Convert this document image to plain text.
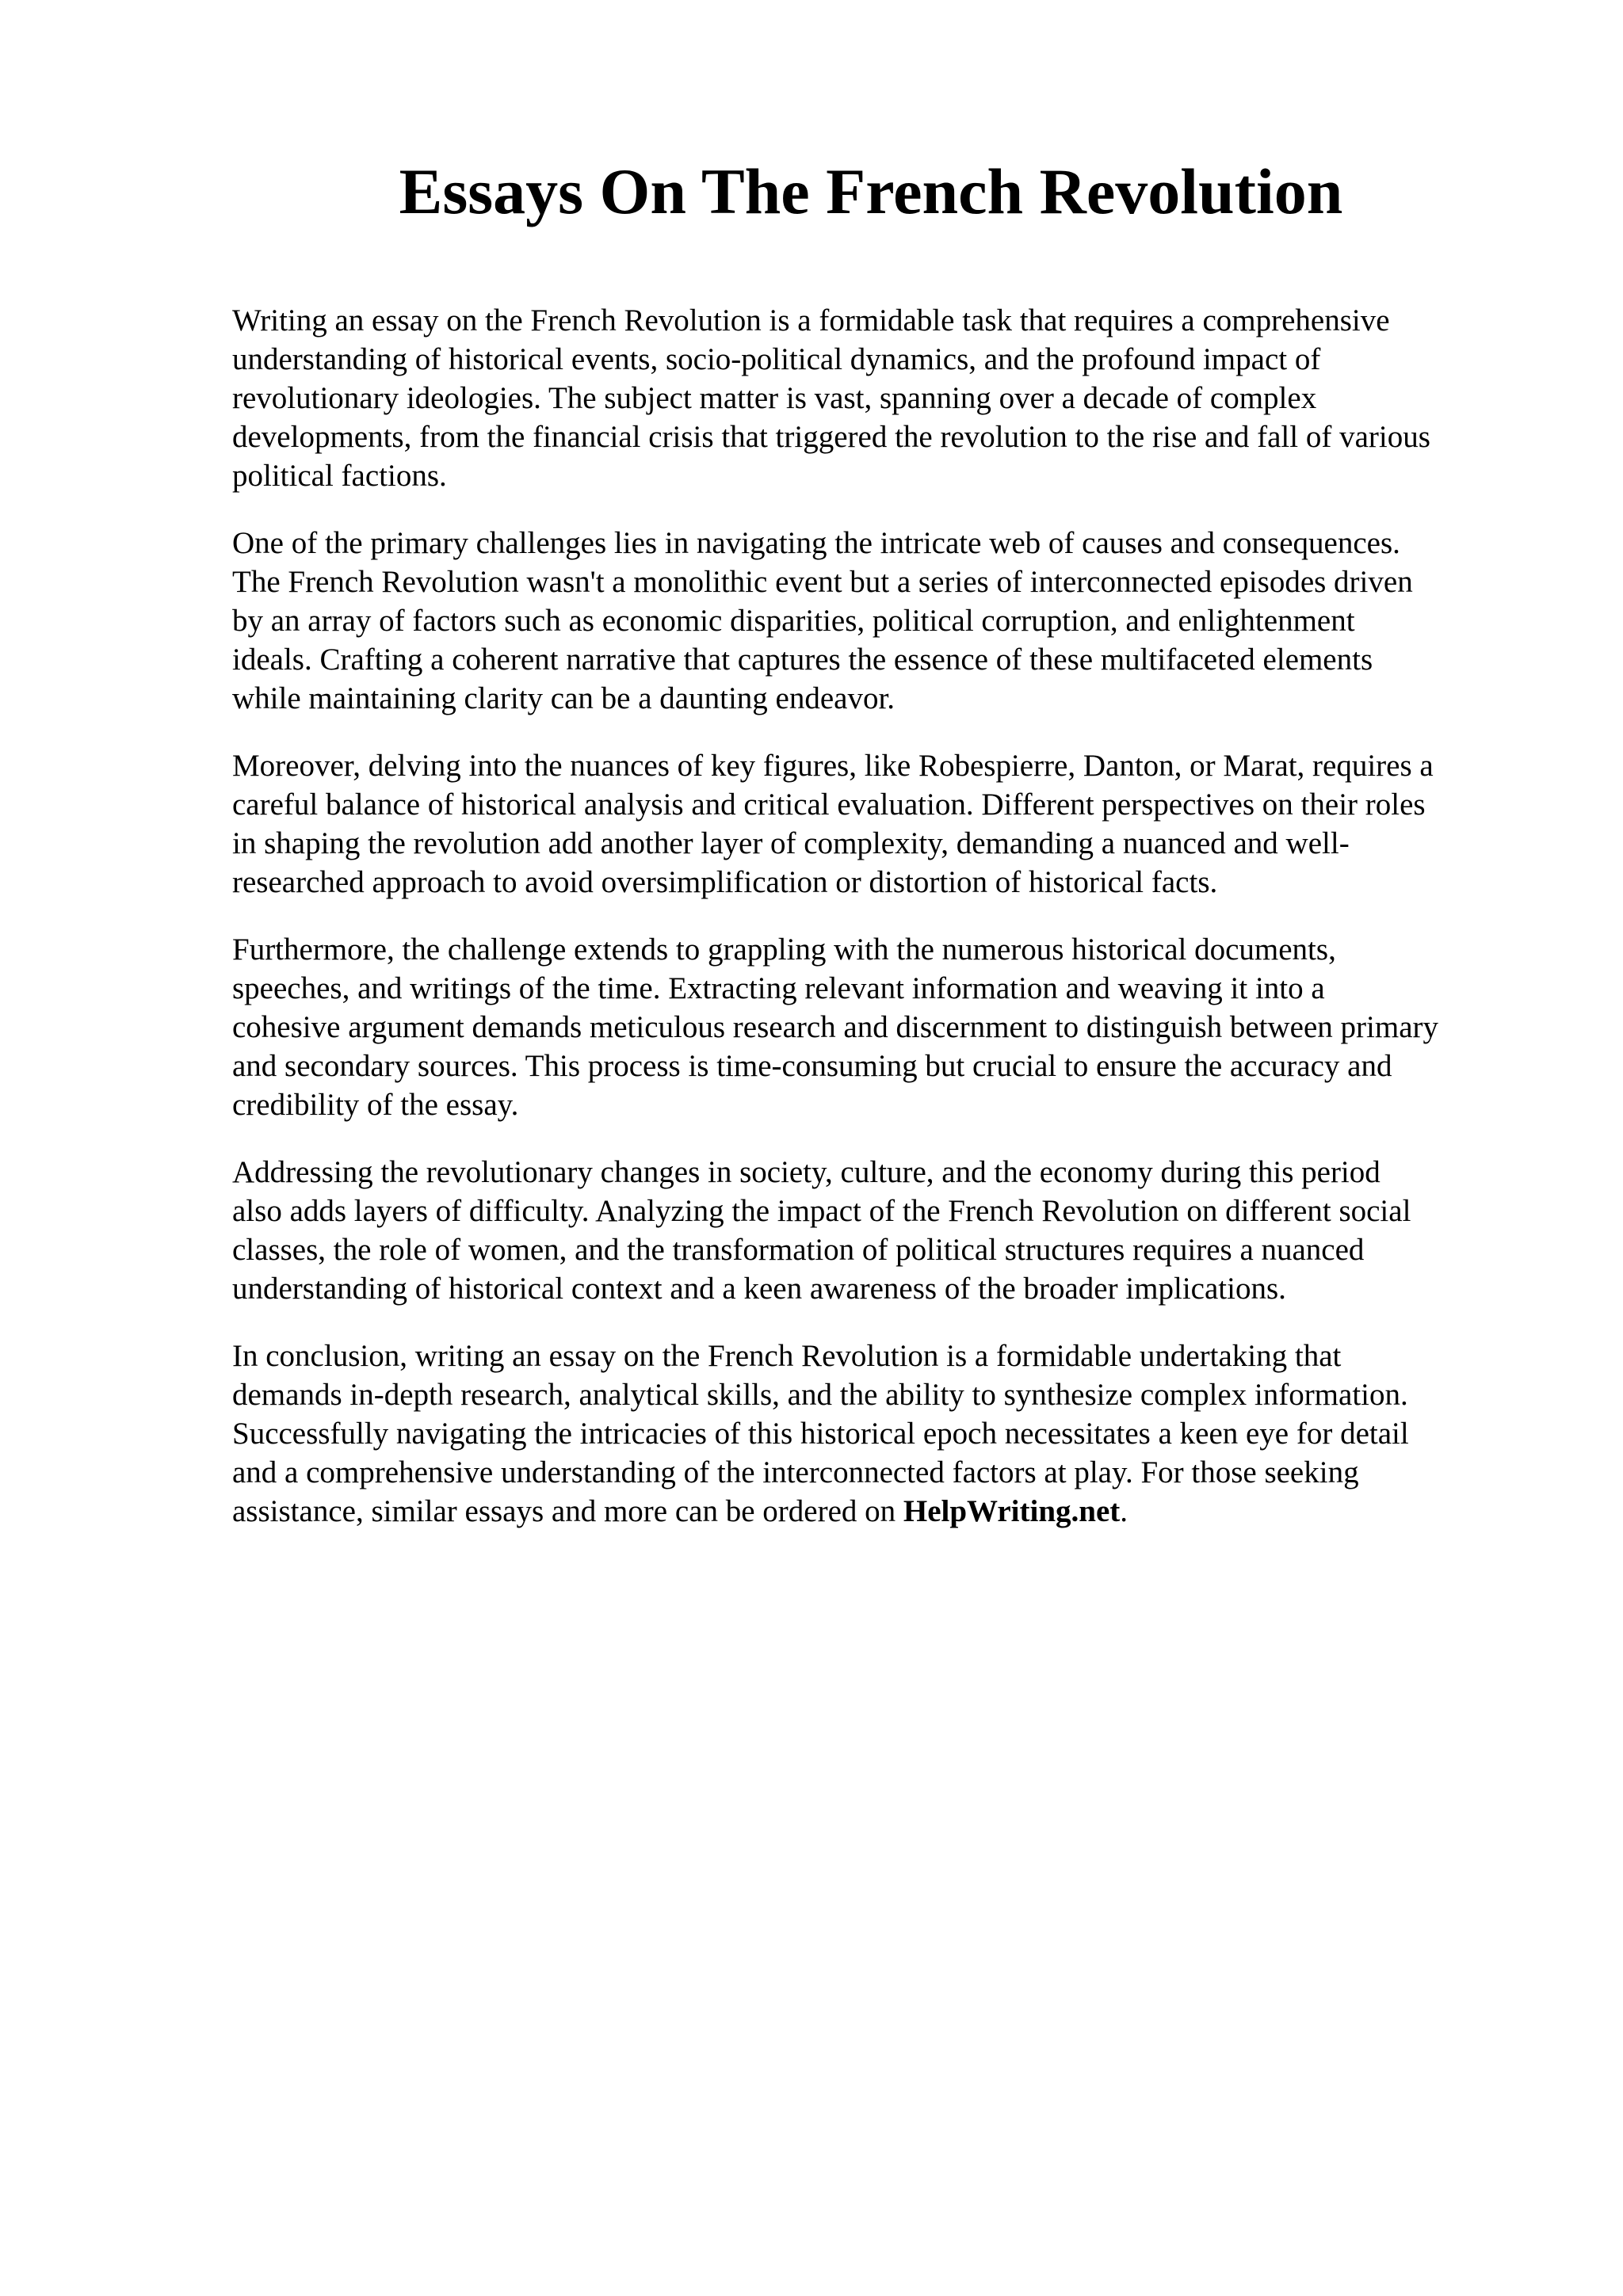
Essays On The French Revolution

Writing an essay on the French Revolution is a formidable task that requires a comprehensive
understanding of historical events, socio-political dynamics, and the profound impact of
revolutionary ideologies. The subject matter is vast, spanning over a decade of complex
developments, from the financial crisis that triggered the revolution to the rise and fall of various
political factions.

One of the primary challenges lies in navigating the intricate web of causes and consequences.
The French Revolution wasn't a monolithic event but a series of interconnected episodes driven
by an array of factors such as economic disparities, political corruption, and enlightenment
ideals. Crafting a coherent narrative that captures the essence of these multifaceted elements
while maintaining clarity can be a daunting endeavor.

Moreover, delving into the nuances of key figures, like Robespierre, Danton, or Marat, requires a
careful balance of historical analysis and critical evaluation. Different perspectives on their roles
in shaping the revolution add another layer of complexity, demanding a nuanced and well-
researched approach to avoid oversimplification or distortion of historical facts.

Furthermore, the challenge extends to grappling with the numerous historical documents,
speeches, and writings of the time. Extracting relevant information and weaving it into a
cohesive argument demands meticulous research and discernment to distinguish between primary
and secondary sources. This process is time-consuming but crucial to ensure the accuracy and
credibility of the essay.

Addressing the revolutionary changes in society, culture, and the economy during this period
also adds layers of difficulty. Analyzing the impact of the French Revolution on different social
classes, the role of women, and the transformation of political structures requires a nuanced
understanding of historical context and a keen awareness of the broader implications.

In conclusion, writing an essay on the French Revolution is a formidable undertaking that
demands in-depth research, analytical skills, and the ability to synthesize complex information.
Successfully navigating the intricacies of this historical epoch necessitates a keen eye for detail
and a comprehensive understanding of the interconnected factors at play. For those seeking
assistance, similar essays and more can be ordered on HelpWriting.net.
